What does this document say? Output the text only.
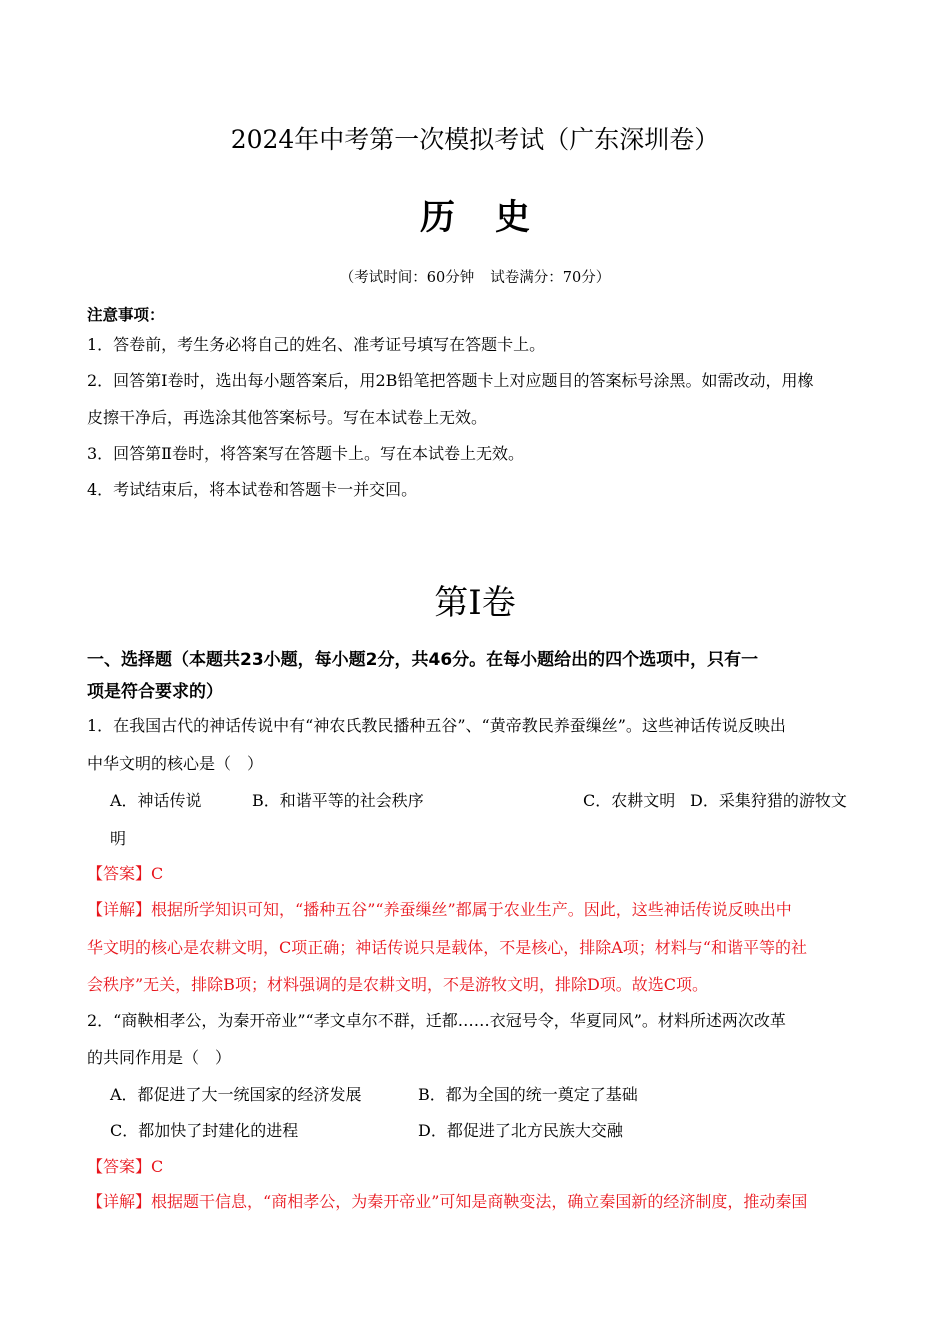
2024年中考第一次模拟考试（广东深圳卷）
历史
（考试时间：60分钟 试卷满分：70分）
注意事项：
1．答卷前，考生务必将自己的姓名、准考证号填写在答题卡上。
2．回答第Ⅰ卷时，选出每小题答案后，用2B铅笔把答题卡上对应题目的答案标号涂黑。如需改动，用橡
皮擦干净后，再选涂其他答案标号。写在本试卷上无效。
3．回答第Ⅱ卷时，将答案写在答题卡上。写在本试卷上无效。
4．考试结束后，将本试卷和答题卡一并交回。
第Ⅰ卷
一、选择题（本题共23小题，每小题2分，共46分。在每小题给出的四个选项中，只有一
项是符合要求的）
1．在我国古代的神话传说中有“神农氏教民播种五谷”、“黄帝教民养蚕缫丝”。这些神话传说反映出
中华文明的核心是（　）
A．神话传说	B．和谐平等的社会秩序	C．农耕文明 D．采集狩猎的游牧文
明
【答案】C
【详解】根据所学知识可知，“播种五谷”“养蚕缫丝”都属于农业生产。因此，这些神话传说反映出中
华文明的核心是农耕文明，C项正确；神话传说只是载体，不是核心，排除A项；材料与“和谐平等的社
会秩序”无关，排除B项；材料强调的是农耕文明，不是游牧文明，排除D项。故选C项。
2．“商鞅相孝公，为秦开帝业”“孝文卓尔不群，迁都……衣冠号令，华夏同风”。材料所述两次改革
的共同作用是（　）
A．都促进了大一统国家的经济发展	B．都为全国的统一奠定了基础
C．都加快了封建化的进程	D．都促进了北方民族大交融
【答案】C
【详解】根据题干信息，“商相孝公，为秦开帝业”可知是商鞅变法，确立秦国新的经济制度，推动秦国
